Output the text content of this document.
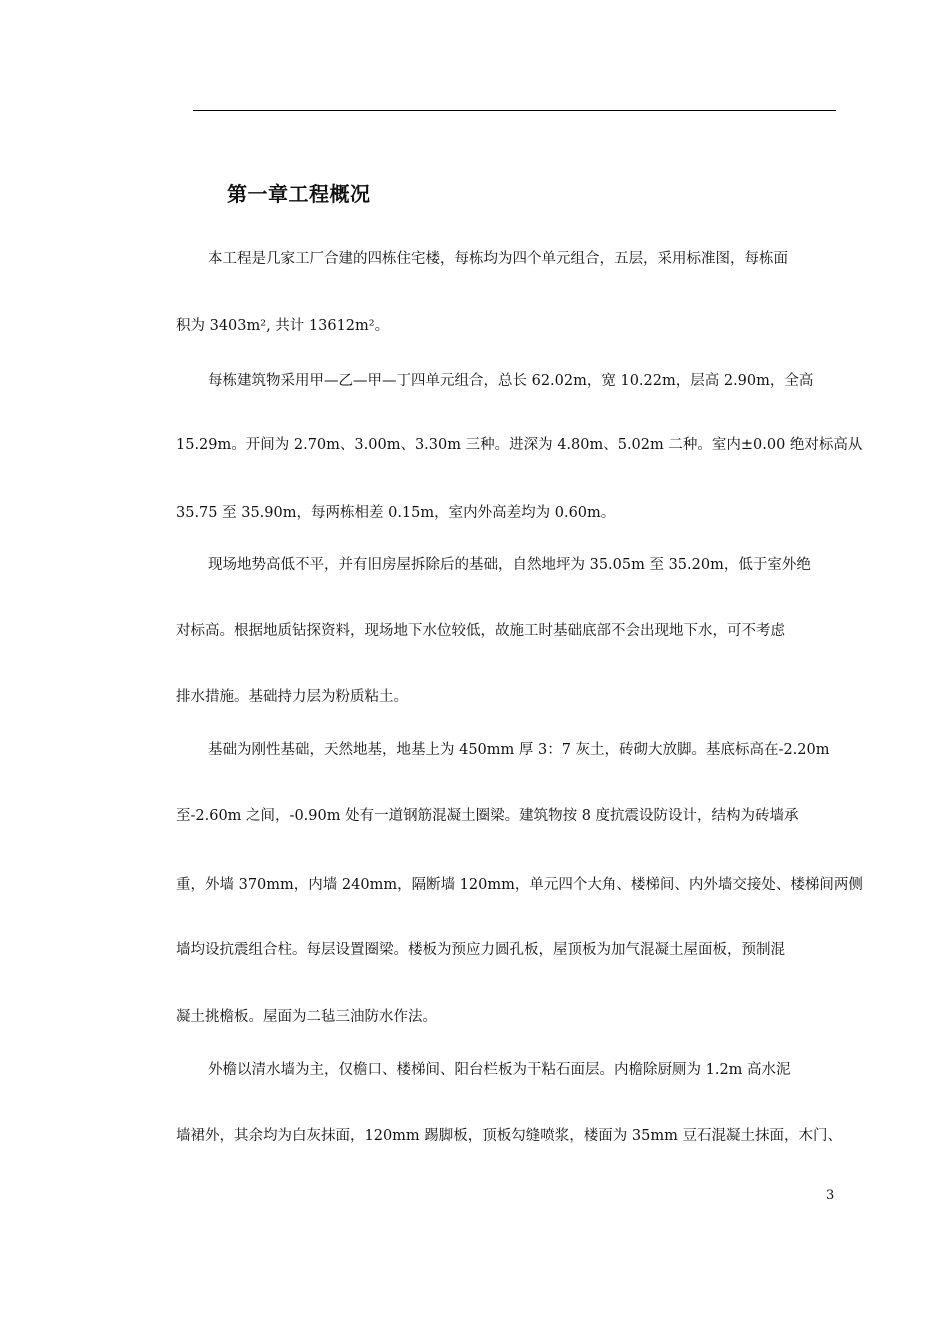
第一章工程概况
本工程是几家工厂合建的四栋住宅楼，每栋均为四个单元组合，五层，采用标准图，每栋面
积为 3403m², 共计 13612m²。
每栋建筑物采用甲—乙—甲—丁四单元组合，总长 62.02m，宽 10.22m，层高 2.90m，全高
15.29m。开间为 2.70m、3.00m、3.30m 三种。进深为 4.80m、5.02m 二种。室内±0.00 绝对标高从
35.75 至 35.90m，每两栋相差 0.15m，室内外高差均为 0.60m。
现场地势高低不平，并有旧房屋拆除后的基础，自然地坪为 35.05m 至 35.20m，低于室外绝
对标高。根据地质钻探资料，现场地下水位较低，故施工时基础底部不会出现地下水，可不考虑
排水措施。基础持力层为粉质粘土。
基础为刚性基础，天然地基，地基上为 450mm 厚 3：7 灰土，砖砌大放脚。基底标高在-2.20m
至-2.60m 之间，-0.90m 处有一道钢筋混凝土圈梁。建筑物按 8 度抗震设防设计，结构为砖墙承
重，外墙 370mm，内墙 240mm，隔断墙 120mm，单元四个大角、楼梯间、内外墙交接处、楼梯间两侧
墙均设抗震组合柱。每层设置圈梁。楼板为预应力圆孔板，屋顶板为加气混凝土屋面板，预制混
凝土挑檐板。屋面为二毡三油防水作法。
外檐以清水墙为主，仅檐口、楼梯间、阳台栏板为干粘石面层。内檐除厨厕为 1.2m 高水泥
墙裙外，其余均为白灰抹面，120mm 踢脚板，顶板勾缝喷浆，楼面为 35mm 豆石混凝土抹面，木门、
3
